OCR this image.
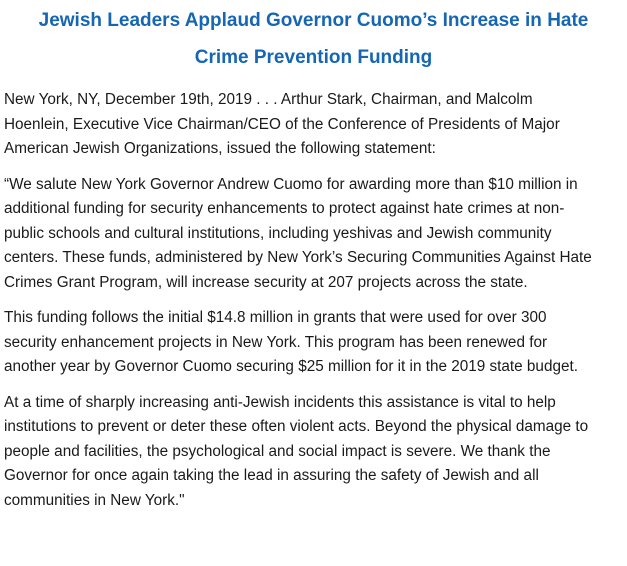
Jewish Leaders Applaud Governor Cuomo’s Increase in Hate
Crime Prevention Funding

New York, NY, December 19th, 2019 . . . Arthur Stark, Chairman, and Malcolm
Hoenlein, Executive Vice Chairman/CEO of the Conference of Presidents of Major
American Jewish Organizations, issued the following statement:

“We salute New York Governor Andrew Cuomo for awarding more than $10 million in
additional funding for security enhancements to protect against hate crimes at non-
public schools and cultural institutions, including yeshivas and Jewish community
centers. These funds, administered by New York’s Securing Communities Against Hate
Crimes Grant Program, will increase security at 207 projects across the state.

This funding follows the initial $14.8 million in grants that were used for over 300
security enhancement projects in New York. This program has been renewed for
another year by Governor Cuomo securing $25 million for it in the 2019 state budget.

At a time of sharply increasing anti-Jewish incidents this assistance is vital to help
institutions to prevent or deter these often violent acts. Beyond the physical damage to
people and facilities, the psychological and social impact is severe. We thank the
Governor for once again taking the lead in assuring the safety of Jewish and all
communities in New York."
